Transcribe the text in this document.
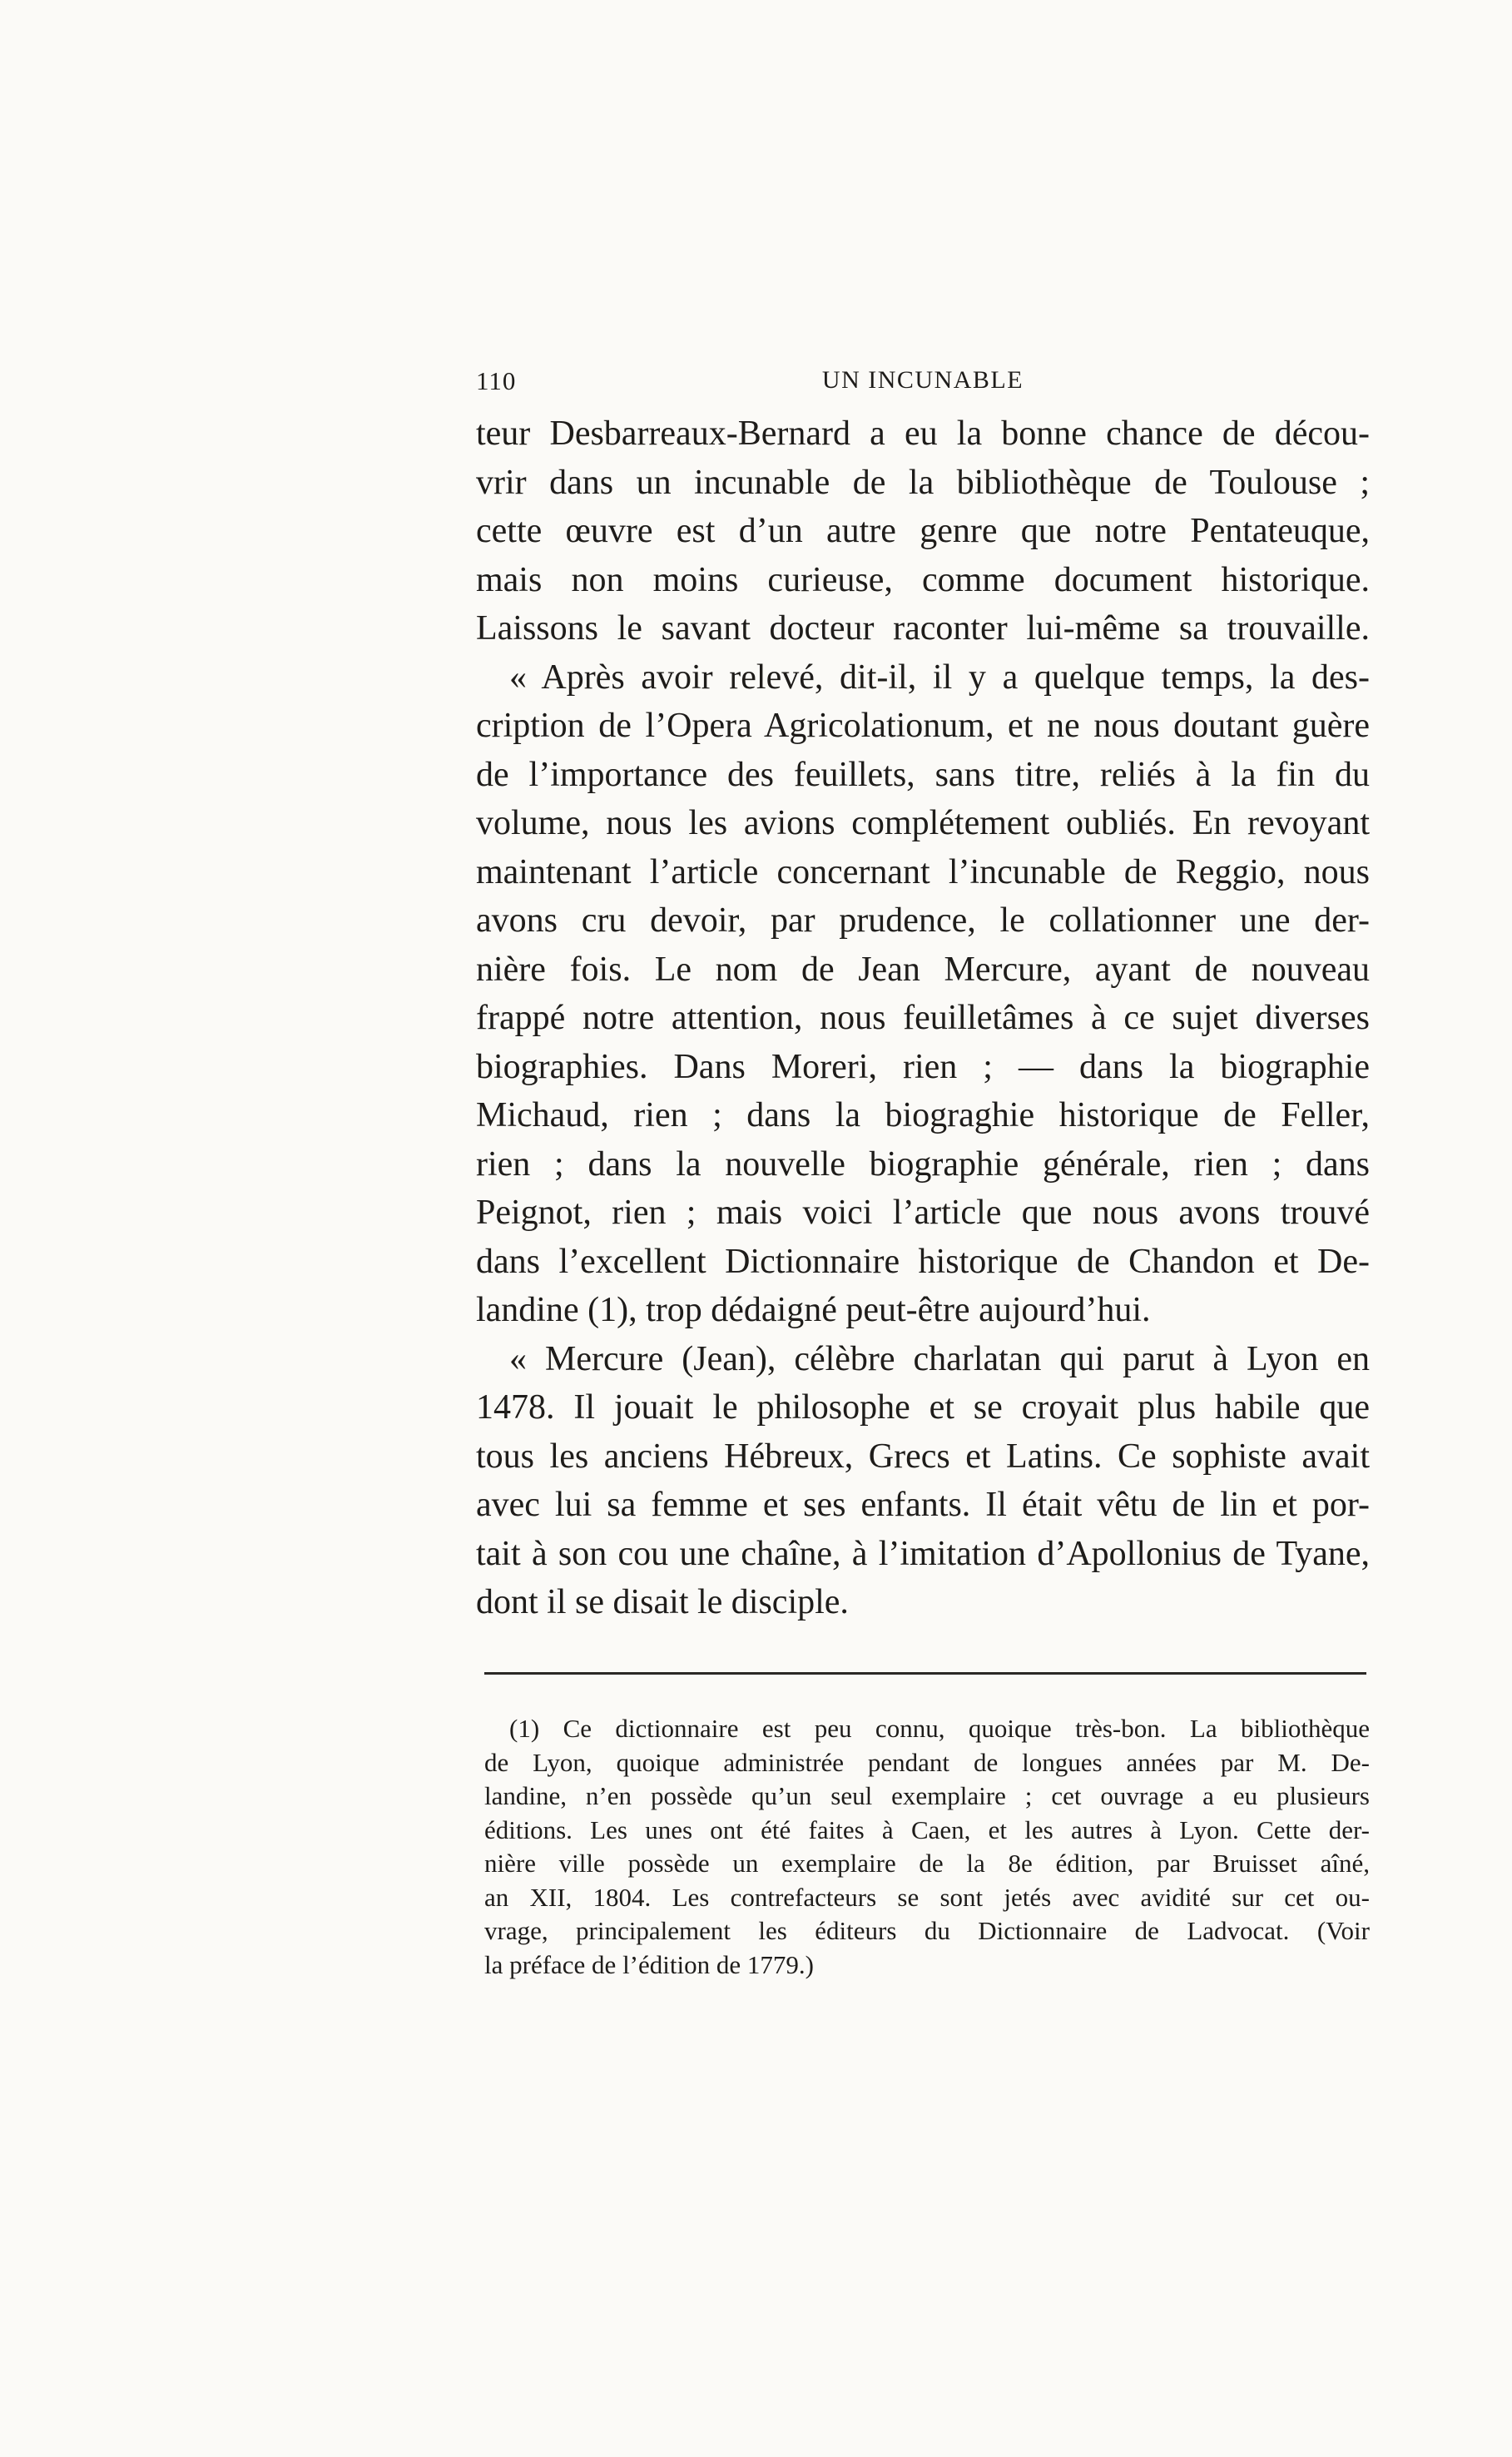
110	UN INCUNABLE
teur Desbarreaux-Bernard a eu la bonne chance de décou-
vrir dans un incunable de la bibliothèque de Toulouse ;
cette œuvre est d’un autre genre que notre Pentateuque,
mais non moins curieuse, comme document historique.
Laissons le savant docteur raconter lui-même sa trouvaille.
« Après avoir relevé, dit-il, il y a quelque temps, la des-
cription de l’Opera Agricolationum, et ne nous doutant guère
de l’importance des feuillets, sans titre, reliés à la fin du
volume, nous les avions complétement oubliés. En revoyant
maintenant l’article concernant l’incunable de Reggio, nous
avons cru devoir, par prudence, le collationner une der-
nière fois. Le nom de Jean Mercure, ayant de nouveau
frappé notre attention, nous feuilletâmes à ce sujet diverses
biographies. Dans Moreri, rien ; — dans la biographie
Michaud, rien ; dans la biograghie historique de Feller,
rien ; dans la nouvelle biographie générale, rien ; dans
Peignot, rien ; mais voici l’article que nous avons trouvé
dans l’excellent Dictionnaire historique de Chandon et De-
landine (1), trop dédaigné peut-être aujourd’hui.
« Mercure (Jean), célèbre charlatan qui parut à Lyon en
1478. Il jouait le philosophe et se croyait plus habile que
tous les anciens Hébreux, Grecs et Latins. Ce sophiste avait
avec lui sa femme et ses enfants. Il était vêtu de lin et por-
tait à son cou une chaîne, à l’imitation d’Apollonius de Tyane,
dont il se disait le disciple.
(1) Ce dictionnaire est peu connu, quoique très-bon. La bibliothèque
de Lyon, quoique administrée pendant de longues années par M. De-
landine, n’en possède qu’un seul exemplaire ; cet ouvrage a eu plusieurs
éditions. Les unes ont été faites à Caen, et les autres à Lyon. Cette der-
nière ville possède un exemplaire de la 8e édition, par Bruisset aîné,
an XII, 1804. Les contrefacteurs se sont jetés avec avidité sur cet ou-
vrage, principalement les éditeurs du Dictionnaire de Ladvocat. (Voir
la préface de l’édition de 1779.)
